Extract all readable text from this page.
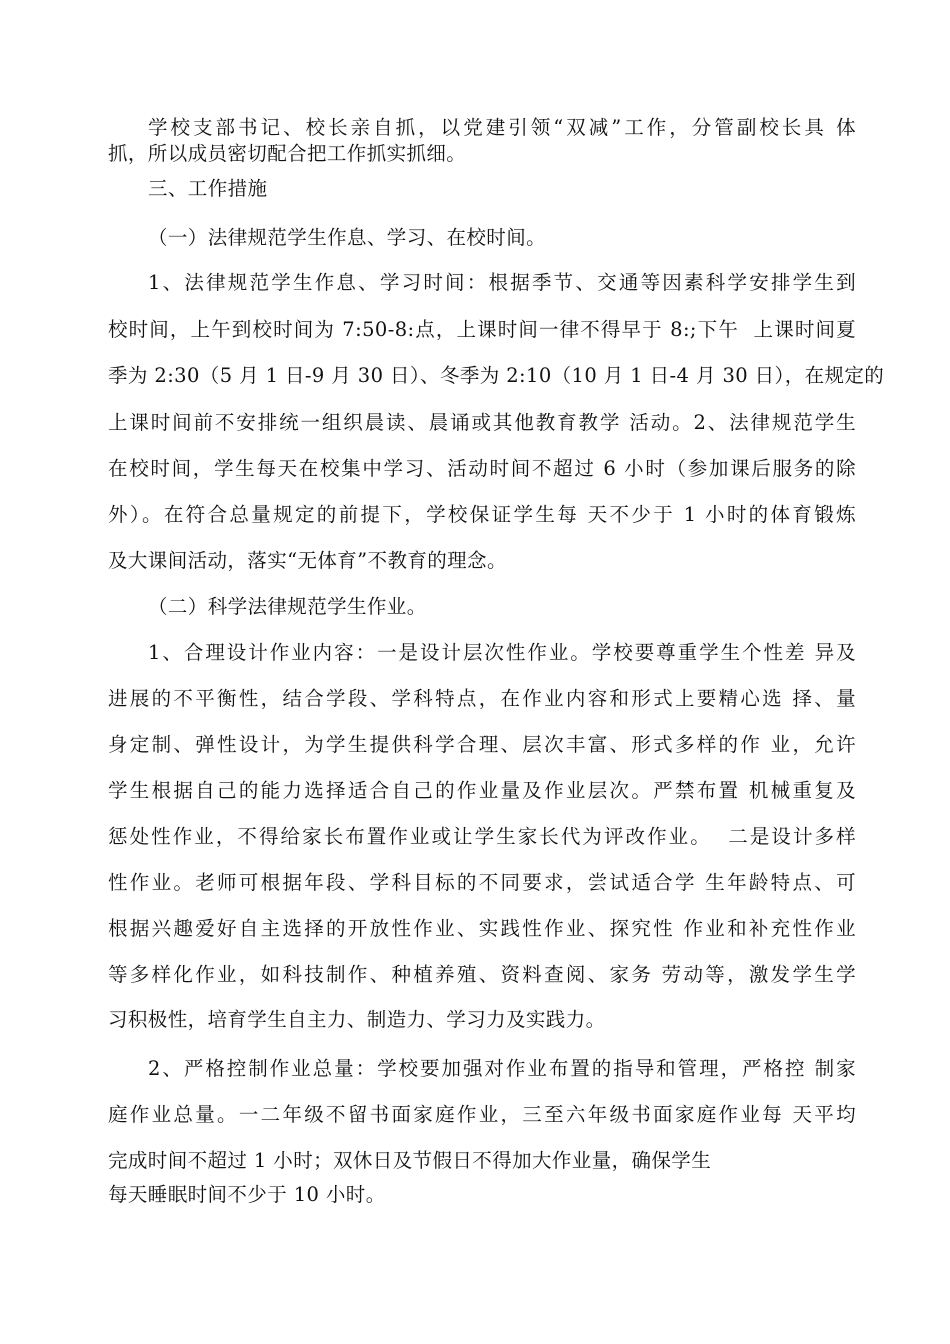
学校支部书记、校长亲自抓，以党建引领“双减”工作，分管副校长具 体
抓，所以成员密切配合把工作抓实抓细。
三、工作措施
（一）法律规范学生作息、学习、在校时间。
1、法律规范学生作息、学习时间：根据季节、交通等因素科学安排学生到
校时间，上午到校时间为 7:50-8:点，上课时间一律不得早于 8:;下午  上课时间夏
季为 2:30（5 月 1 日-9 月 30 日）、冬季为 2:10（10 月 1 日-4 月 30 日），在规定的
上课时间前不安排统一组织晨读、晨诵或其他教育教学 活动。2、法律规范学生
在校时间，学生每天在校集中学习、活动时间不超过 6 小时（参加课后服务的除
外）。在符合总量规定的前提下，学校保证学生每 天不少于 1 小时的体育锻炼
及大课间活动，落实“无体育”不教育的理念。
（二）科学法律规范学生作业。
1、合理设计作业内容：一是设计层次性作业。学校要尊重学生个性差 异及
进展的不平衡性，结合学段、学科特点，在作业内容和形式上要精心选 择、量
身定制、弹性设计，为学生提供科学合理、层次丰富、形式多样的作 业，允许
学生根据自己的能力选择适合自己的作业量及作业层次。严禁布置 机械重复及
惩处性作业，不得给家长布置作业或让学生家长代为评改作业。  二是设计多样
性作业。老师可根据年段、学科目标的不同要求，尝试适合学 生年龄特点、可
根据兴趣爱好自主选择的开放性作业、实践性作业、探究性 作业和补充性作业
等多样化作业，如科技制作、种植养殖、资料查阅、家务 劳动等，激发学生学
习积极性，培育学生自主力、制造力、学习力及实践力。
2、严格控制作业总量：学校要加强对作业布置的指导和管理，严格控 制家
庭作业总量。一二年级不留书面家庭作业，三至六年级书面家庭作业每 天平均
完成时间不超过 1 小时；双休日及节假日不得加大作业量，确保学生
每天睡眠时间不少于 10 小时。
